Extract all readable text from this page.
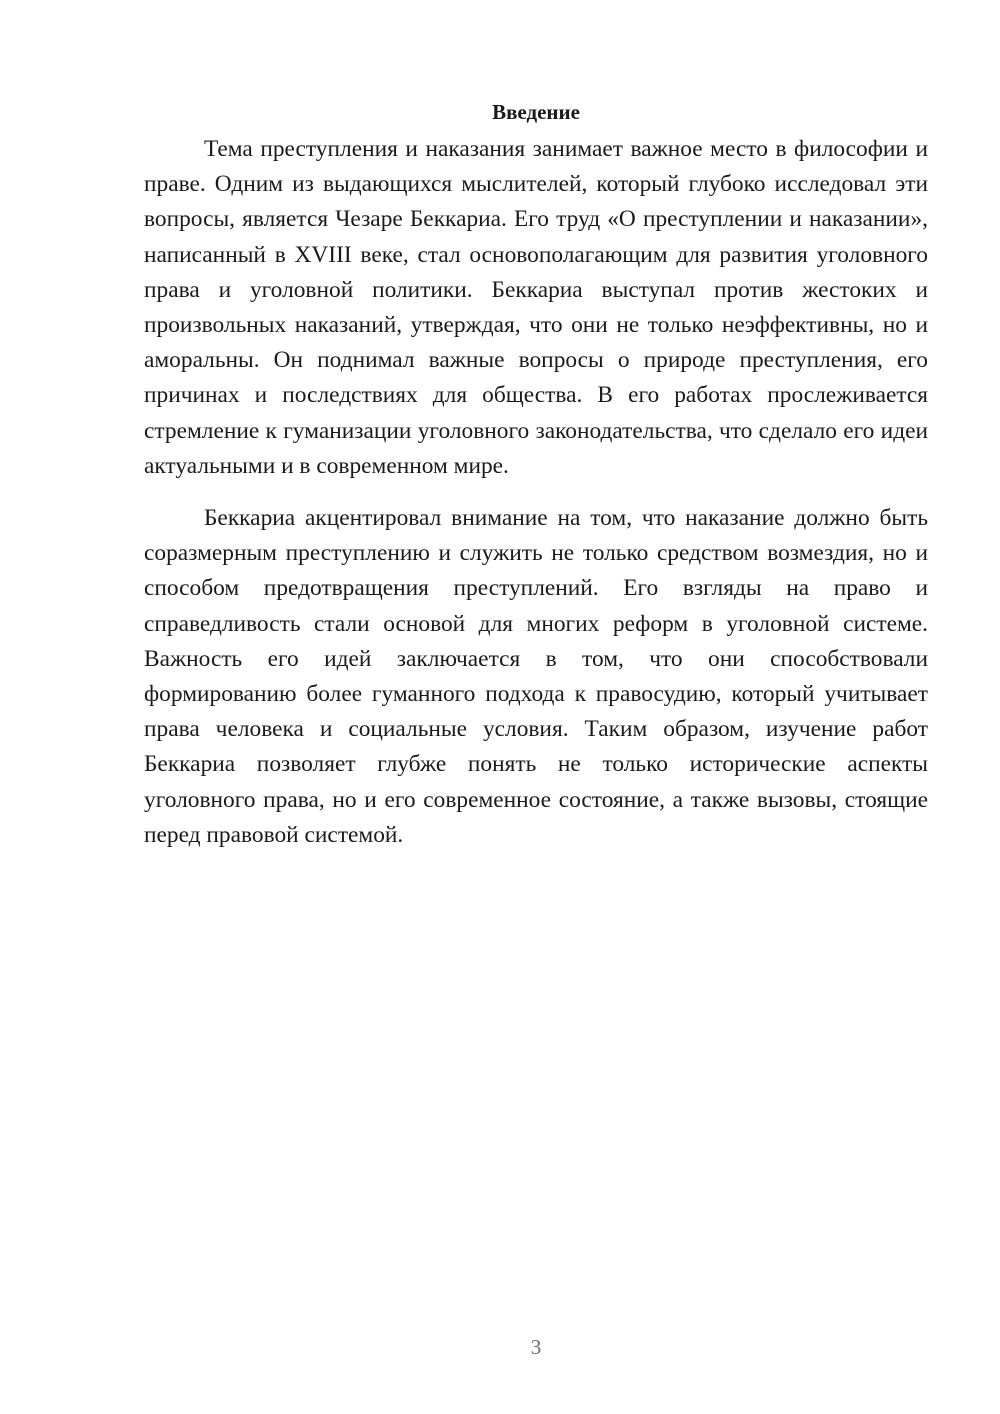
Введение

Тема преступления и наказания занимает важное место в философии и праве. Одним из выдающихся мыслителей, который глубоко исследовал эти вопросы, является Чезаре Беккариа. Его труд «О преступлении и наказании», написанный в XVIII веке, стал основополагающим для развития уголовного права и уголовной политики. Беккариа выступал против жестоких и произвольных наказаний, утверждая, что они не только неэффективны, но и аморальны. Он поднимал важные вопросы о природе преступления, его причинах и последствиях для общества. В его работах прослеживается стремление к гуманизации уголовного законодательства, что сделало его идеи актуальными и в современном мире.

Беккариа акцентировал внимание на том, что наказание должно быть соразмерным преступлению и служить не только средством возмездия, но и способом предотвращения преступлений. Его взгляды на право и справедливость стали основой для многих реформ в уголовной системе. Важность его идей заключается в том, что они способствовали формированию более гуманного подхода к правосудию, который учитывает права человека и социальные условия. Таким образом, изучение работ Беккариа позволяет глубже понять не только исторические аспекты уголовного права, но и его современное состояние, а также вызовы, стоящие перед правовой системой.

3
